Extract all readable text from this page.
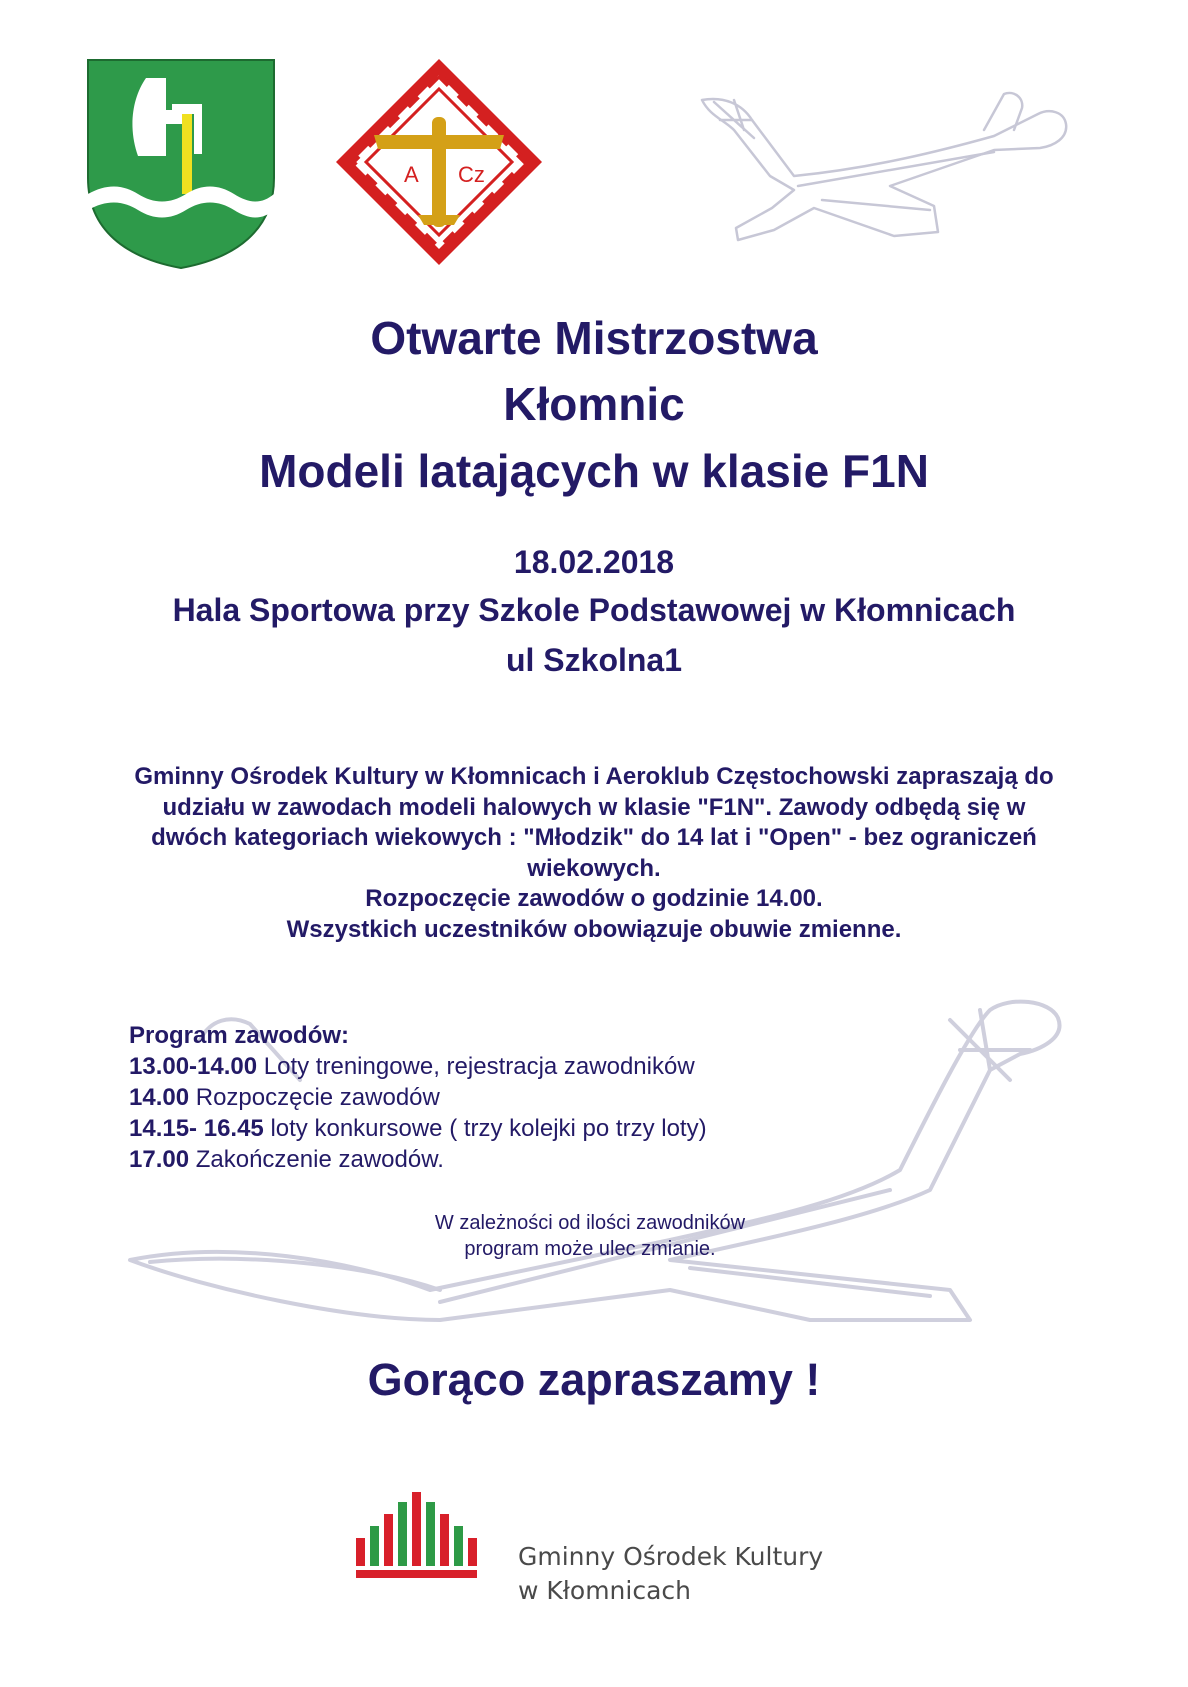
A Cz
Otwarte Mistrzostwa
Kłomnic
Modeli latających w klasie F1N
18.02.2018
Hala Sportowa przy Szkole Podstawowej w Kłomnicach
ul Szkolna1
Gminny Ośrodek Kultury w Kłomnicach i Aeroklub Częstochowski zapraszają do
udziału w zawodach modeli halowych w klasie "F1N". Zawody odbędą się w
dwóch kategoriach wiekowych : "Młodzik" do 14 lat i "Open" - bez ograniczeń
wiekowych.
Rozpoczęcie zawodów o godzinie 14.00.
Wszystkich uczestników obowiązuje obuwie zmienne.
Program zawodów:
13.00-14.00 Loty treningowe, rejestracja zawodników
14.00 Rozpoczęcie zawodów
14.15- 16.45 loty konkursowe ( trzy kolejki po trzy loty)
17.00 Zakończenie zawodów.
W zależności od ilości zawodników
program może ulec zmianie.
Gorąco zapraszamy !
Gminny Ośrodek Kultury
w Kłomnicach
